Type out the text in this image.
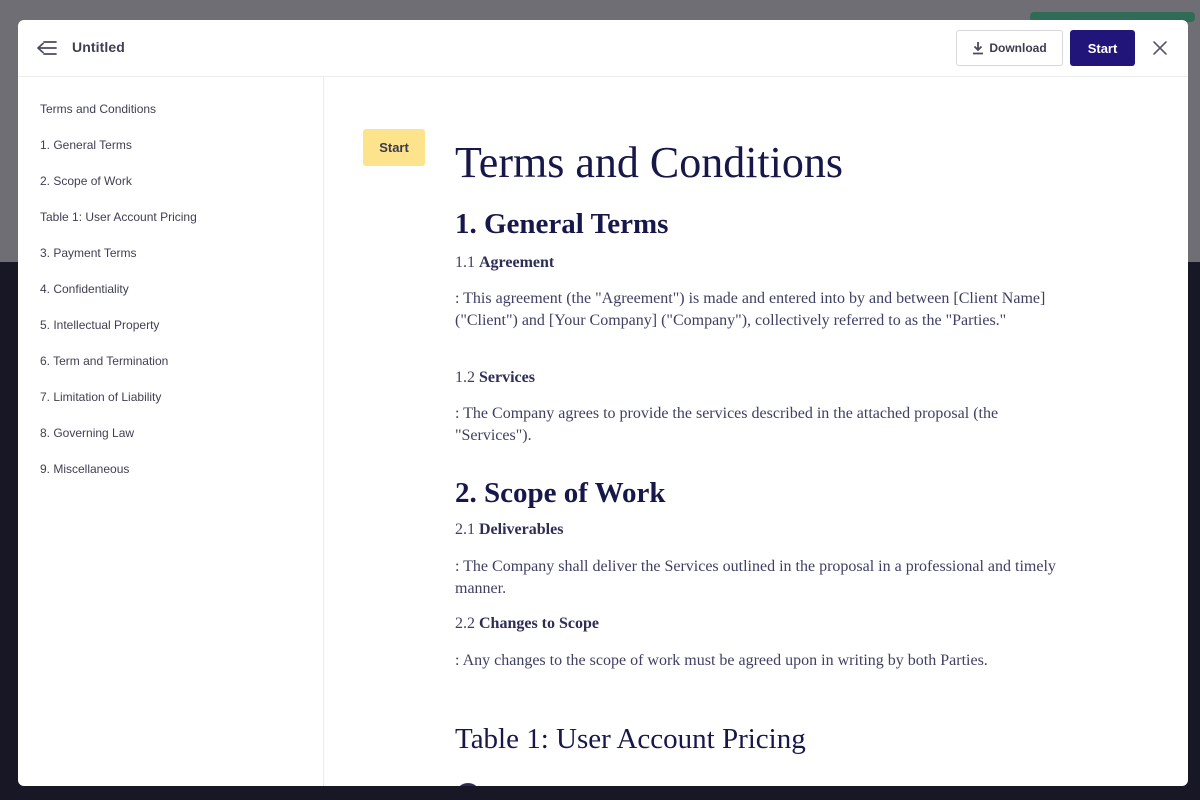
Untitled	Download	Start
Terms and Conditions
1. General Terms
2. Scope of Work
Table 1: User Account Pricing
3. Payment Terms
4. Confidentiality
5. Intellectual Property
6. Term and Termination
7. Limitation of Liability
8. Governing Law
9. Miscellaneous
Start	Terms and Conditions
1. General Terms
1.1 Agreement
: This agreement (the "Agreement") is made and entered into by and between [Client Name] ("Client") and [Your Company] ("Company"), collectively referred to as the "Parties."
1.2 Services
: The Company agrees to provide the services described in the attached proposal (the "Services").
2. Scope of Work
2.1 Deliverables
: The Company shall deliver the Services outlined in the proposal in a professional and timely manner.
2.2 Changes to Scope
: Any changes to the scope of work must be agreed upon in writing by both Parties.
Table 1: User Account Pricing
